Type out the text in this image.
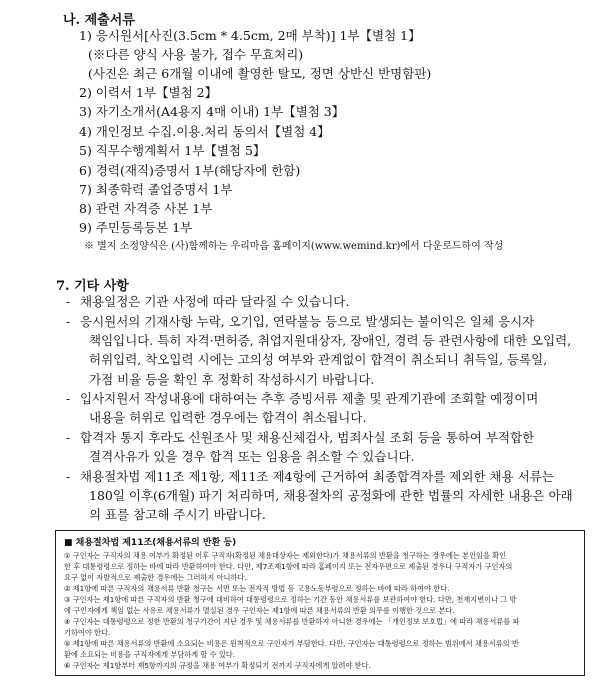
나. 제출서류
1) 응시원서[사진(3.5cm * 4.5cm, 2매 부착)] 1부【별첨 1】
(※다른 양식 사용 불가, 접수 무효처리)
(사진은 최근 6개월 이내에 촬영한 탈모, 정면 상반신 반명함판)
2) 이력서 1부【별첨 2】
3) 자기소개서(A4용지 4매 이내) 1부【별첨 3】
4) 개인정보 수집.이용.처리 동의서【별첨 4】
5) 직무수행계획서 1부【별첨 5】
6) 경력(재직)증명서 1부(해당자에 한함)
7) 최종학력 졸업증명서 1부
8) 관련 자격증 사본 1부
9) 주민등록등본 1부
※ 별지 소정양식은 (사)함께하는 우리마음 홈페이지(www.wemind.kr)에서 다운로드하여 작성
7. 기타 사항
- 채용일정은 기관 사정에 따라 달라질 수 있습니다.
- 응시원서의 기재사항 누락, 오기입, 연락불능 등으로 발생되는 불이익은 일체 응시자
책임입니다. 특히 자격·면허증, 취업지원대상자, 장애인, 경력 등 관련사항에 대한 오입력,
허위입력, 착오입력 시에는 고의성 여부와 관계없이 합격이 취소되니 취득일, 등록일,
가점 비율 등을 확인 후 정확히 작성하시기 바랍니다.
- 입사지원서 작성내용에 대하여는 추후 증빙서류 제출 및 관계기관에 조회할 예정이며
내용을 허위로 입력한 경우에는 합격이 취소됩니다.
- 합격자 통지 후라도 신원조사 및 채용신체검사, 범죄사실 조회 등을 통하여 부적합한
결격사유가 있을 경우 합격 또는 임용을 취소할 수 있습니다.
- 채용절차법 제11조 제1항, 제11조 제4항에 근거하여 최종합격자를 제외한 채용 서류는
180일 이후(6개월) 파기 처리하며, 채용절차의 공정화에 관한 법률의 자세한 내용은 아래
의 표를 참고해 주시기 바랍니다.
■ 채용절차법 제11조(채용서류의 반환 등)
① 구인자는 구직자의 채용 여부가 확정된 이후 구직자(확정된 채용대상자는 제외한다)가 채용서류의 반환을 청구하는 경우에는 본인임을 확인
한 후 대통령령으로 정하는 바에 따라 반환하여야 한다. 다만, 제7조제1항에 따라 홈페이지 또는 전자우편으로 제출된 경우나 구직자가 구인자의
요구 없이 자발적으로 제출한 경우에는 그러하지 아니하다.
② 제1항에 따른 구직자의 채용서류 반환 청구는 서면 또는 전자적 방법 등 고용노동부령으로 정하는 바에 따라 하여야 한다.
③ 구인자는 제1항에 따른 구직자의 반환 청구에 대비하여 대통령령으로 정하는 기간 동안 채용서류를 보관하여야 한다. 다만, 천재지변이나 그 밖
에 구인자에게 책임 없는 사유로 채용서류가 멸실된 경우 구인자는 제1항에 따른 채용서류의 반환 의무를 이행한 것으로 본다.
④ 구인자는 대통령령으로 정한 반환의 청구기간이 지난 경우 및 채용서류를 반환하지 아니한 경우에는 「개인정보 보호법」에 따라 채용서류를 파
기하여야 한다.
⑤ 제1항에 따른 채용서류의 반환에 소요되는 비용은 원칙적으로 구인자가 부담한다. 다만, 구인자는 대통령령으로 정하는 범위에서 채용서류의 반
환에 소요되는 비용을 구직자에게 부담하게 할 수 있다.
⑥ 구인자는 제1항부터 제5항까지의 규정을 채용 여부가 확정되기 전까지 구직자에게 알려야 한다.
